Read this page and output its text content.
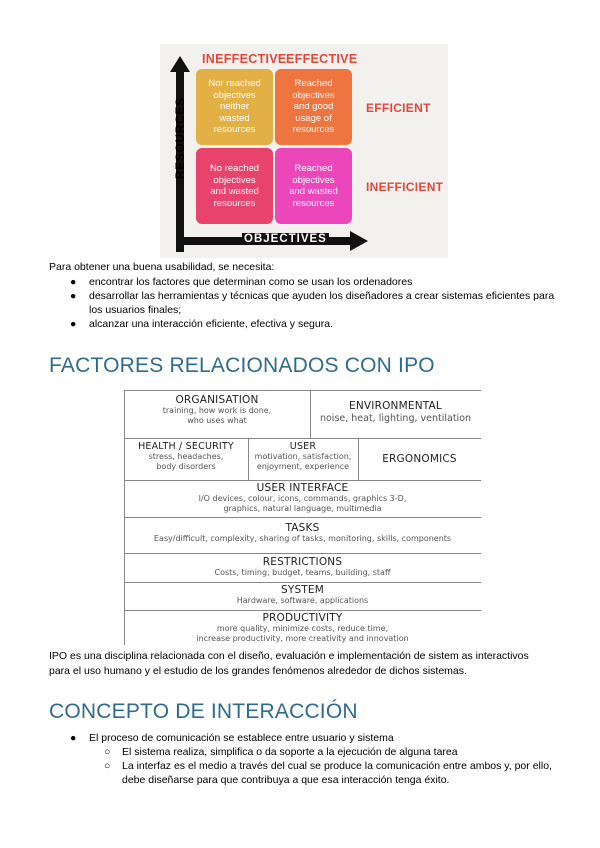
INEFFECTIVE EFFECTIVE
RESOURCES
OBJECTIVES
Nor reached
objectives
neither
wasted
resources
Reached
objectives
and good
usage of
resources
No reached
objectives
and wasted
resources
Reached
objectives
and wasted
resources
EFFICIENT
INEFFICIENT
Para obtener una buena usabilidad, se necesita:
● encontrar los factores que determinan como se usan los ordenadores
● desarrollar las herramientas y técnicas que ayuden los diseñadores a crear sistemas eficientes para los usuarios finales;
● alcanzar una interacción eficiente, efectiva y segura.
FACTORES RELACIONADOS CON IPO
ORGANISATION
training, how work is done,
who uses what
ENVIRONMENTAL
noise, heat, lighting, ventilation
HEALTH / SECURITY
stress, headaches,
body disorders
USER
motivation, satisfaction,
enjoyment, experience
ERGONOMICS
USER INTERFACE
I/O devices, colour, icons, commands, graphics 3-D,
graphics, natural language, multimedia
TASKS
Easy/difficult, complexity, sharing of tasks, monitoring, skills, components
RESTRICTIONS
Costs, timing, budget, teams, building, staff
SYSTEM
Hardware, software, applications
PRODUCTIVITY
more quality, minimize costs, reduce time,
increase productivity, more creativity and innovation
IPO es una disciplina relacionada con el diseño, evaluación e implementación de sistem as interactivos
para el uso humano y el estudio de los grandes fenómenos alrededor de dichos sistemas.
CONCEPTO DE INTERACCIÓN
● El proceso de comunicación se establece entre usuario y sistema
○ El sistema realiza, simplifica o da soporte a la ejecución de alguna tarea
○ La interfaz es el medio a través del cual se produce la comunicación entre ambos y, por ello, debe diseñarse para que contribuya a que esa interacción tenga éxito.
